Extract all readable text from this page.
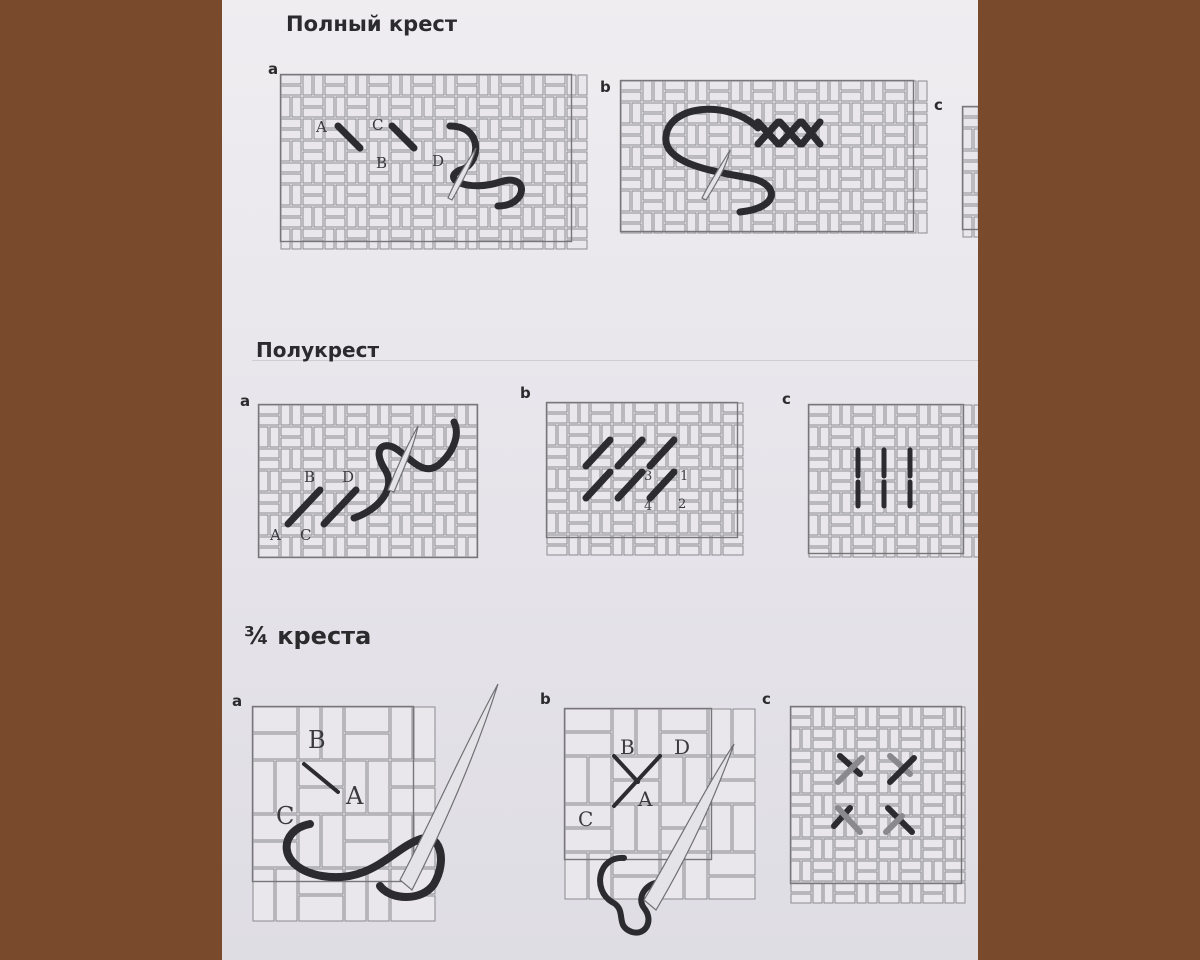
Полный крест
a
b
c
A	C
B	D
Полукрест
a	b	c
B D
A C
3 1
4 2
¾ креста
a	b	c
B
A
C
B D
A
C
